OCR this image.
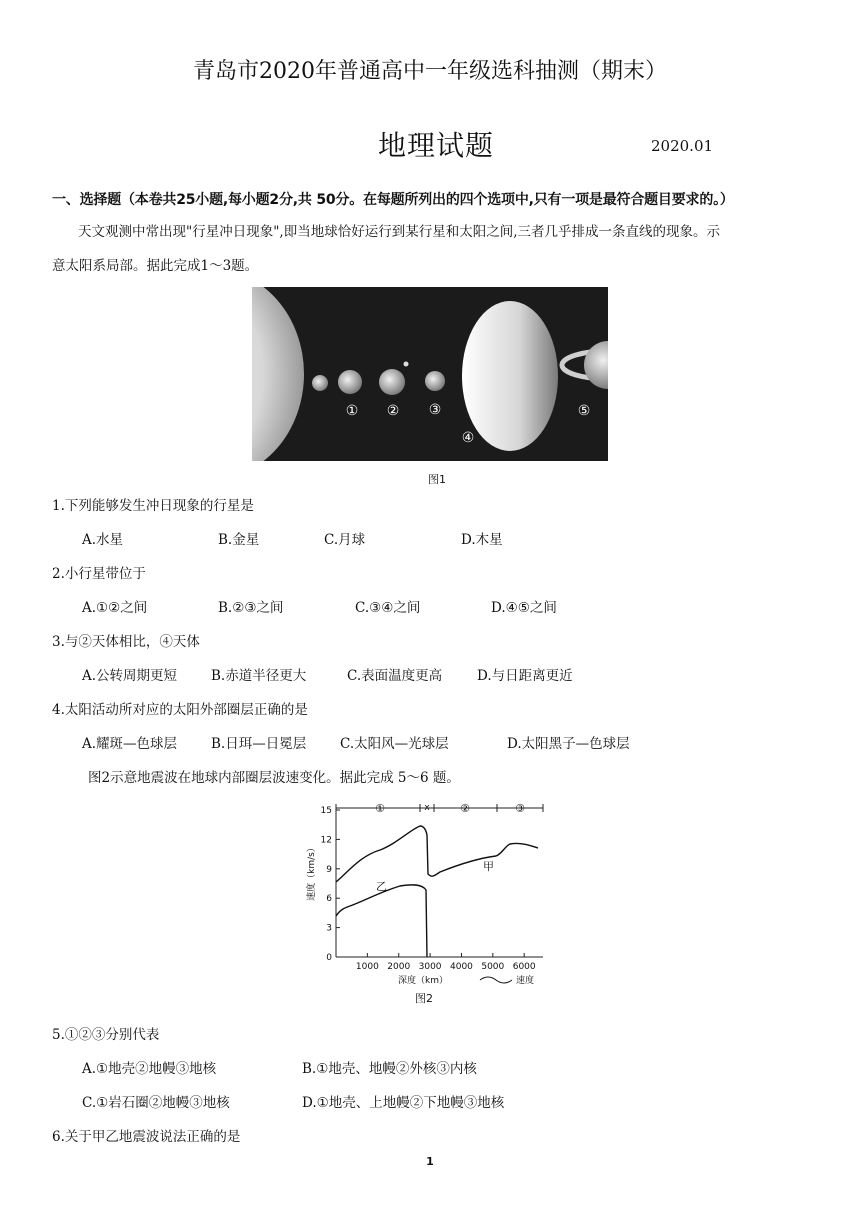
青岛市2020年普通高中一年级选科抽测（期末）
地理试题	2020.01
一、选择题（本卷共25小题,每小题2分,共 50分。在每题所列出的四个选项中,只有一项是最符合题目要求的。）
天文观测中常出现"行星冲日现象",即当地球恰好运行到某行星和太阳之间,三者几乎排成一条直线的现象。示
意太阳系局部。据此完成1～3题。
① ② ③
④
⑤
图1
1.下列能够发生冲日现象的行星是
A.水星	B.金星	C.月球	D.木星
2.小行星带位于
A.①②之间	B.②③之间	C.③④之间	D.④⑤之间
3.与②天体相比，④天体
A.公转周期更短	B.赤道半径更大	C.表面温度更高	D.与日距离更近
4.太阳活动所对应的太阳外部圈层正确的是
A.耀斑—色球层	B.日珥—日冕层	C.太阳风—光球层	D.太阳黑子—色球层
图2示意地震波在地球内部圈层波速变化。据此完成 5～6 题。
①	x	②	③
0
3
6
9
12
15
1000 2000 3000 4000 5000 6000
甲
乙
速度（km/s）
深度（km）	速度
图2
5.①②③分别代表
A.①地壳②地幔③地核	B.①地壳、地幔②外核③内核
C.①岩石圈②地幔③地核	D.①地壳、上地幔②下地幔③地核
6.关于甲乙地震波说法正确的是
1
